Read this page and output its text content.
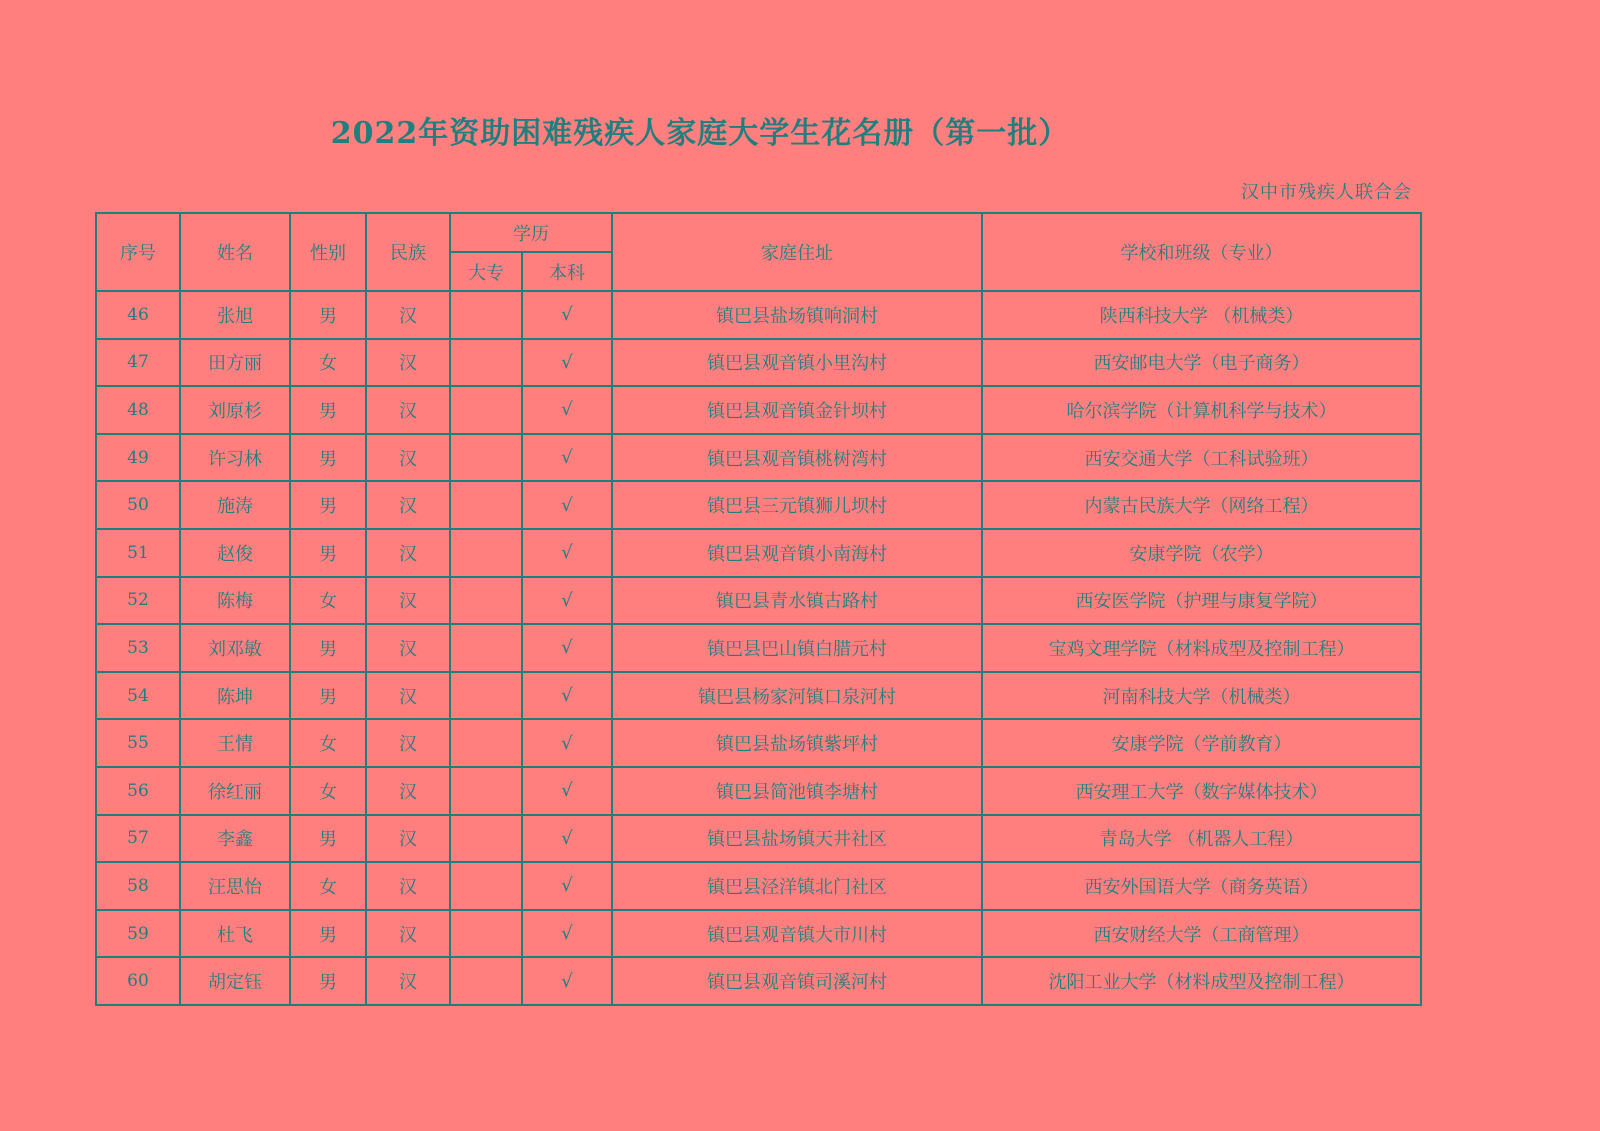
2022年资助困难残疾人家庭大学生花名册（第一批）
汉中市残疾人联合会
序号	姓名	性别	民族	学历		家庭住址	学校和班级（专业）
				大专	本科		
46	张旭	男	汉		√	镇巴县盐场镇响洞村	陕西科技大学 （机械类）
47	田方丽	女	汉		√	镇巴县观音镇小里沟村	西安邮电大学（电子商务）
48	刘原杉	男	汉		√	镇巴县观音镇金针坝村	哈尔滨学院（计算机科学与技术）
49	许习林	男	汉		√	镇巴县观音镇桃树湾村	西安交通大学（工科试验班）
50	施涛	男	汉		√	镇巴县三元镇狮儿坝村	内蒙古民族大学（网络工程）
51	赵俊	男	汉		√	镇巴县观音镇小南海村	安康学院（农学）
52	陈梅	女	汉		√	镇巴县青水镇古路村	西安医学院（护理与康复学院）
53	刘邓敏	男	汉		√	镇巴县巴山镇白腊元村	宝鸡文理学院（材料成型及控制工程）
54	陈坤	男	汉		√	镇巴县杨家河镇口泉河村	河南科技大学（机械类）
55	王情	女	汉		√	镇巴县盐场镇紫坪村	安康学院（学前教育）
56	徐红丽	女	汉		√	镇巴县简池镇李塘村	西安理工大学（数字媒体技术）
57	李鑫	男	汉		√	镇巴县盐场镇天井社区	青岛大学 （机器人工程）
58	汪思怡	女	汉		√	镇巴县泾洋镇北门社区	西安外国语大学（商务英语）
59	杜飞	男	汉		√	镇巴县观音镇大市川村	西安财经大学（工商管理）
60	胡定钰	男	汉		√	镇巴县观音镇司溪河村	沈阳工业大学（材料成型及控制工程）
